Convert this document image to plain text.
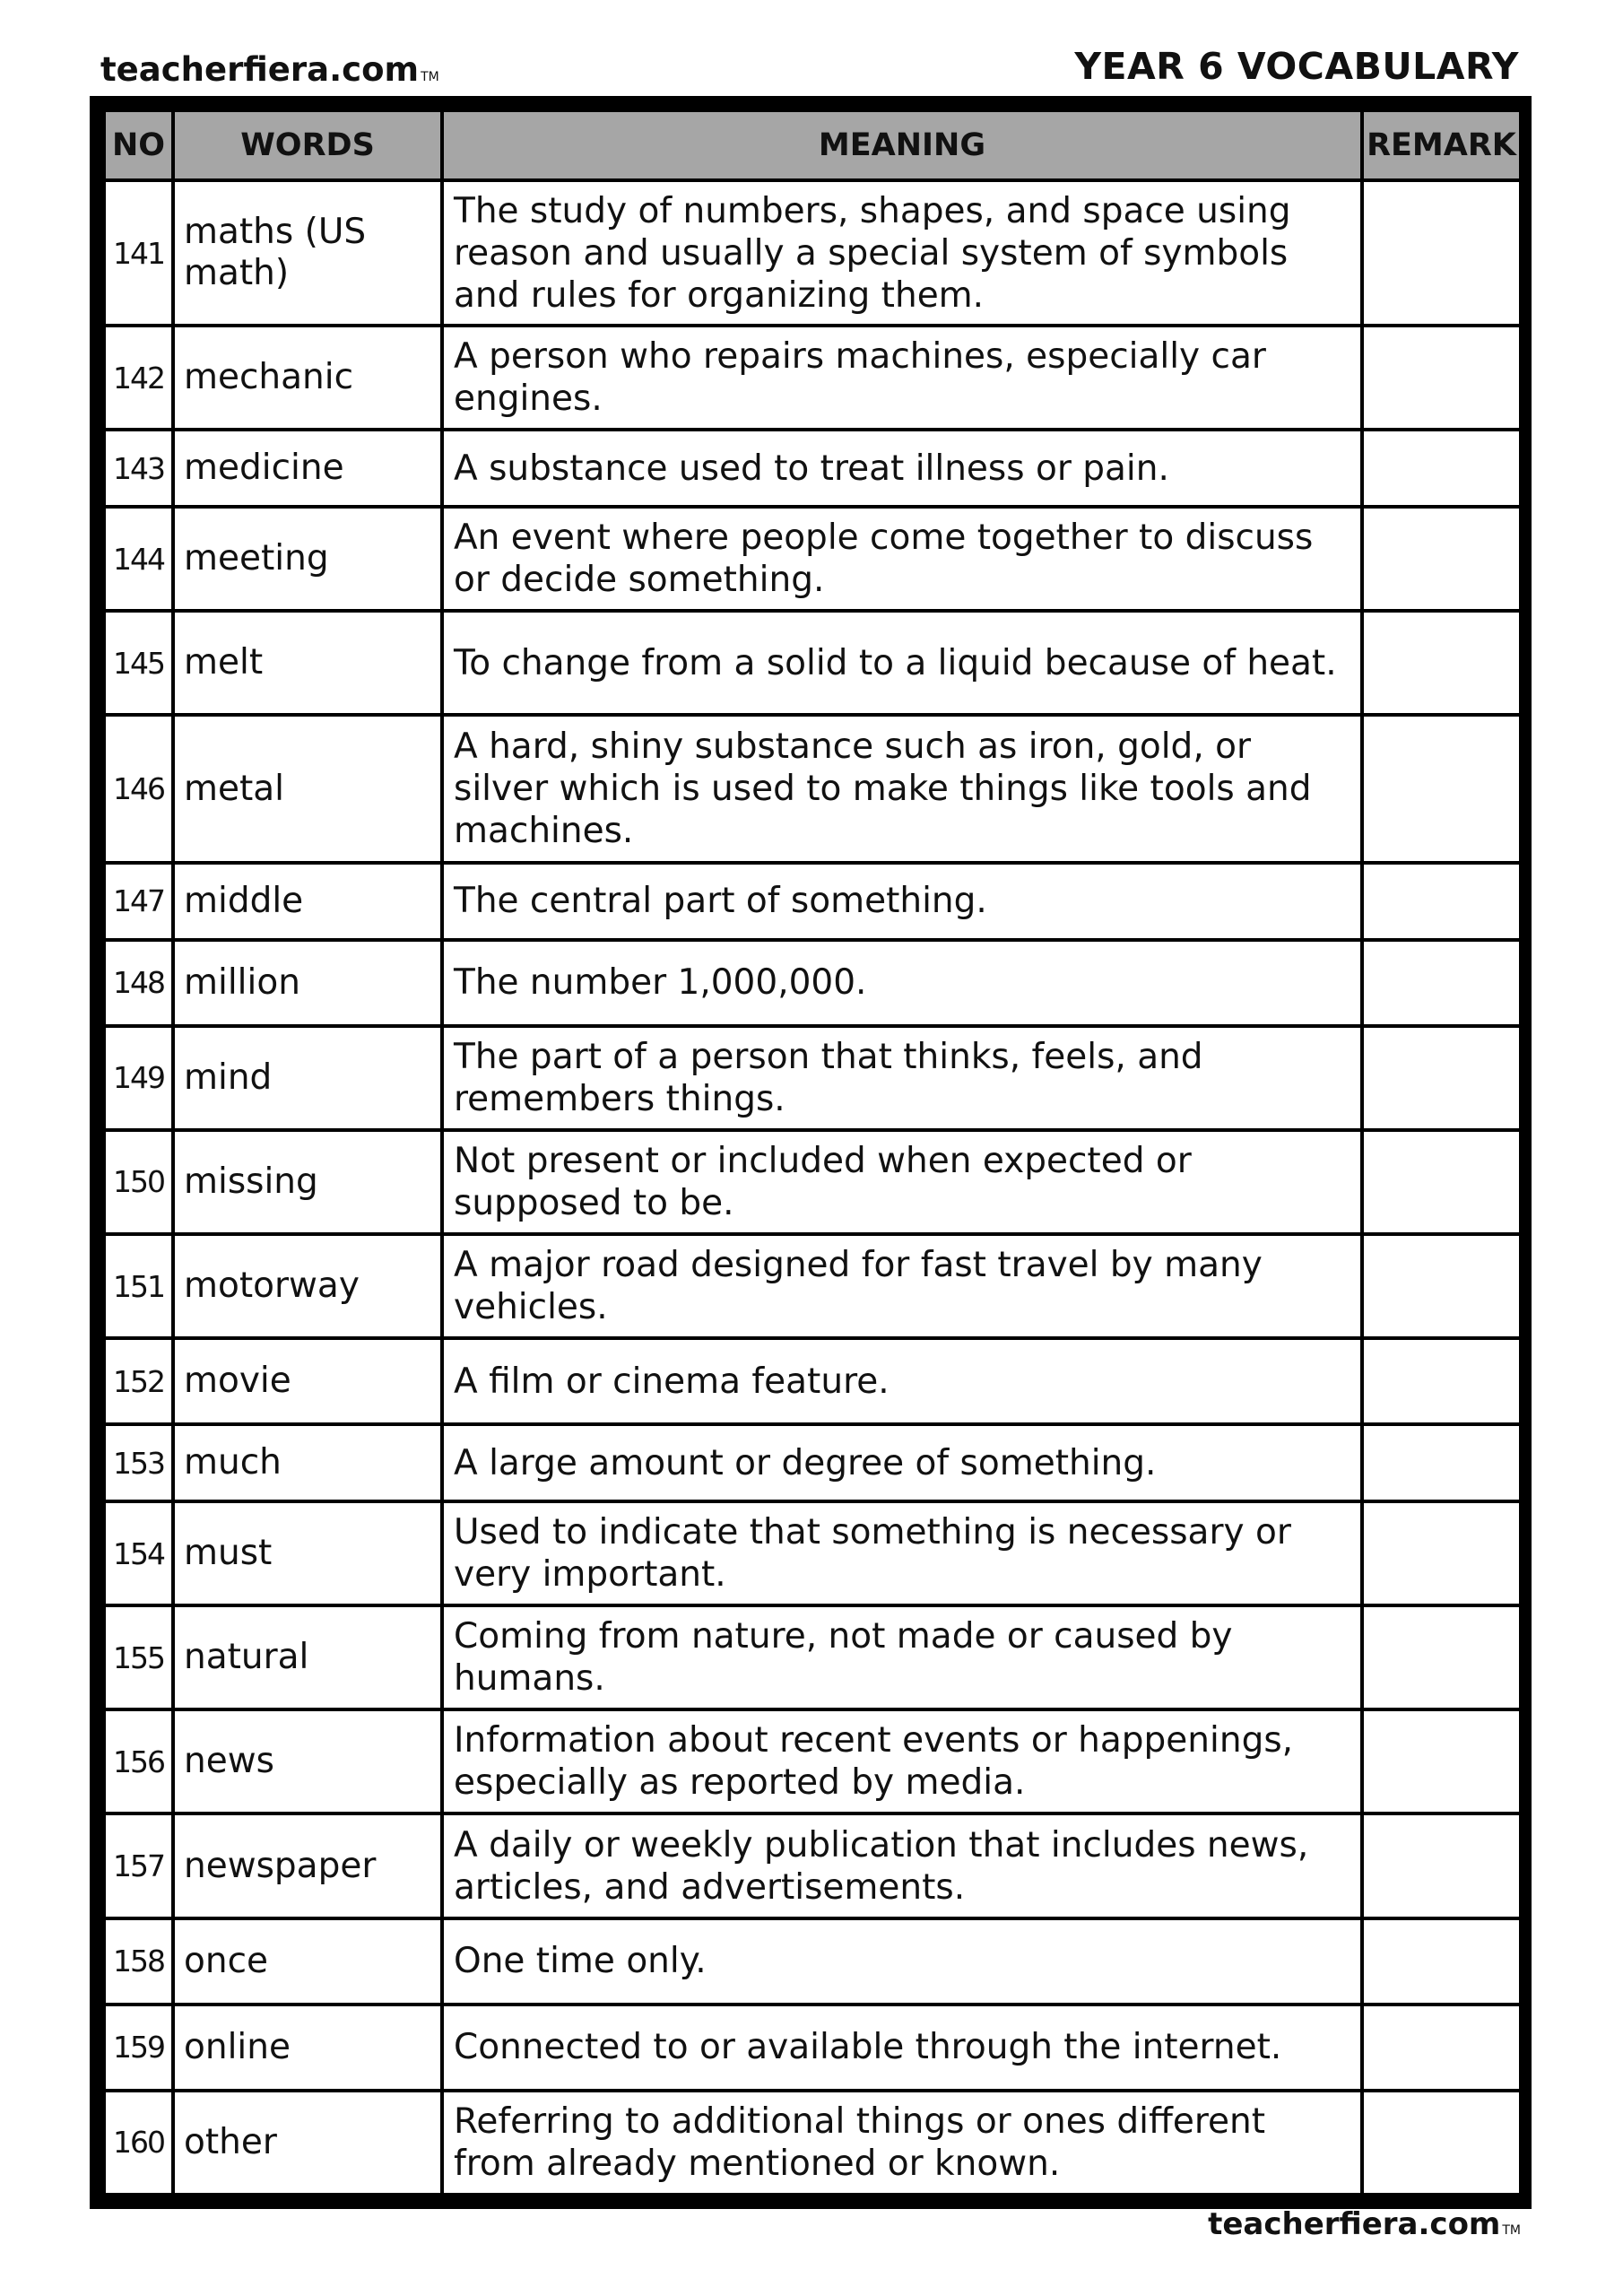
teacherfiera.com TM	YEAR 6 VOCABULARY
NO	WORDS	MEANING	REMARK
141	maths (US math)	The study of numbers, shapes, and space using reason and usually a special system of symbols and rules for organizing them.	
142	mechanic	A person who repairs machines, especially car engines.	
143	medicine	A substance used to treat illness or pain.	
144	meeting	An event where people come together to discuss or decide something.	
145	melt	To change from a solid to a liquid because of heat.	
146	metal	A hard, shiny substance such as iron, gold, or silver which is used to make things like tools and machines.	
147	middle	The central part of something.	
148	million	The number 1,000,000.	
149	mind	The part of a person that thinks, feels, and remembers things.	
150	missing	Not present or included when expected or supposed to be.	
151	motorway	A major road designed for fast travel by many vehicles.	
152	movie	A film or cinema feature.	
153	much	A large amount or degree of something.	
154	must	Used to indicate that something is necessary or very important.	
155	natural	Coming from nature, not made or caused by humans.	
156	news	Information about recent events or happenings, especially as reported by media.	
157	newspaper	A daily or weekly publication that includes news, articles, and advertisements.	
158	once	One time only.	
159	online	Connected to or available through the internet.	
160	other	Referring to additional things or ones different from already mentioned or known.	
teacherfiera.com TM
